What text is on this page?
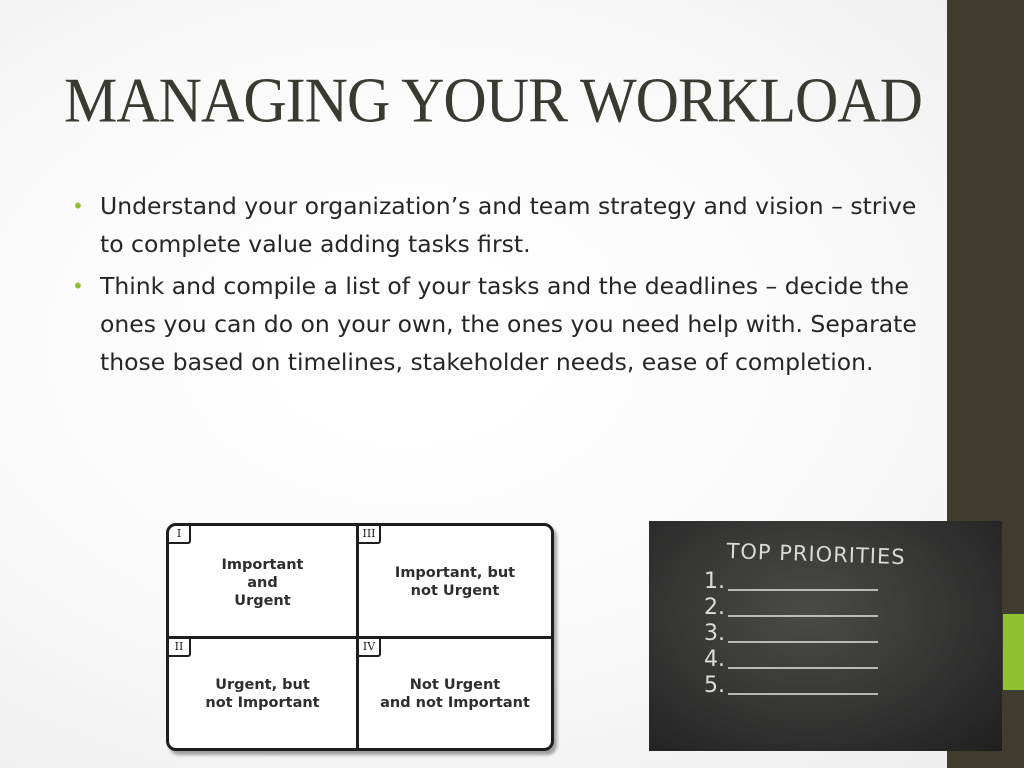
MANAGING YOUR WORKLOAD
• Understand your organization’s and team strategy and vision – strive to complete value adding tasks first.
• Think and compile a list of your tasks and the deadlines – decide the ones you can do on your own, the ones you need help with. Separate those based on timelines, stakeholder needs, ease of completion.
I
Important
and
Urgent
III
Important, but
not Urgent
II
Urgent, but
not Important
IV
Not Urgent
and not Important
TOP PRIORITIES
1.
2.
3.
4.
5.
